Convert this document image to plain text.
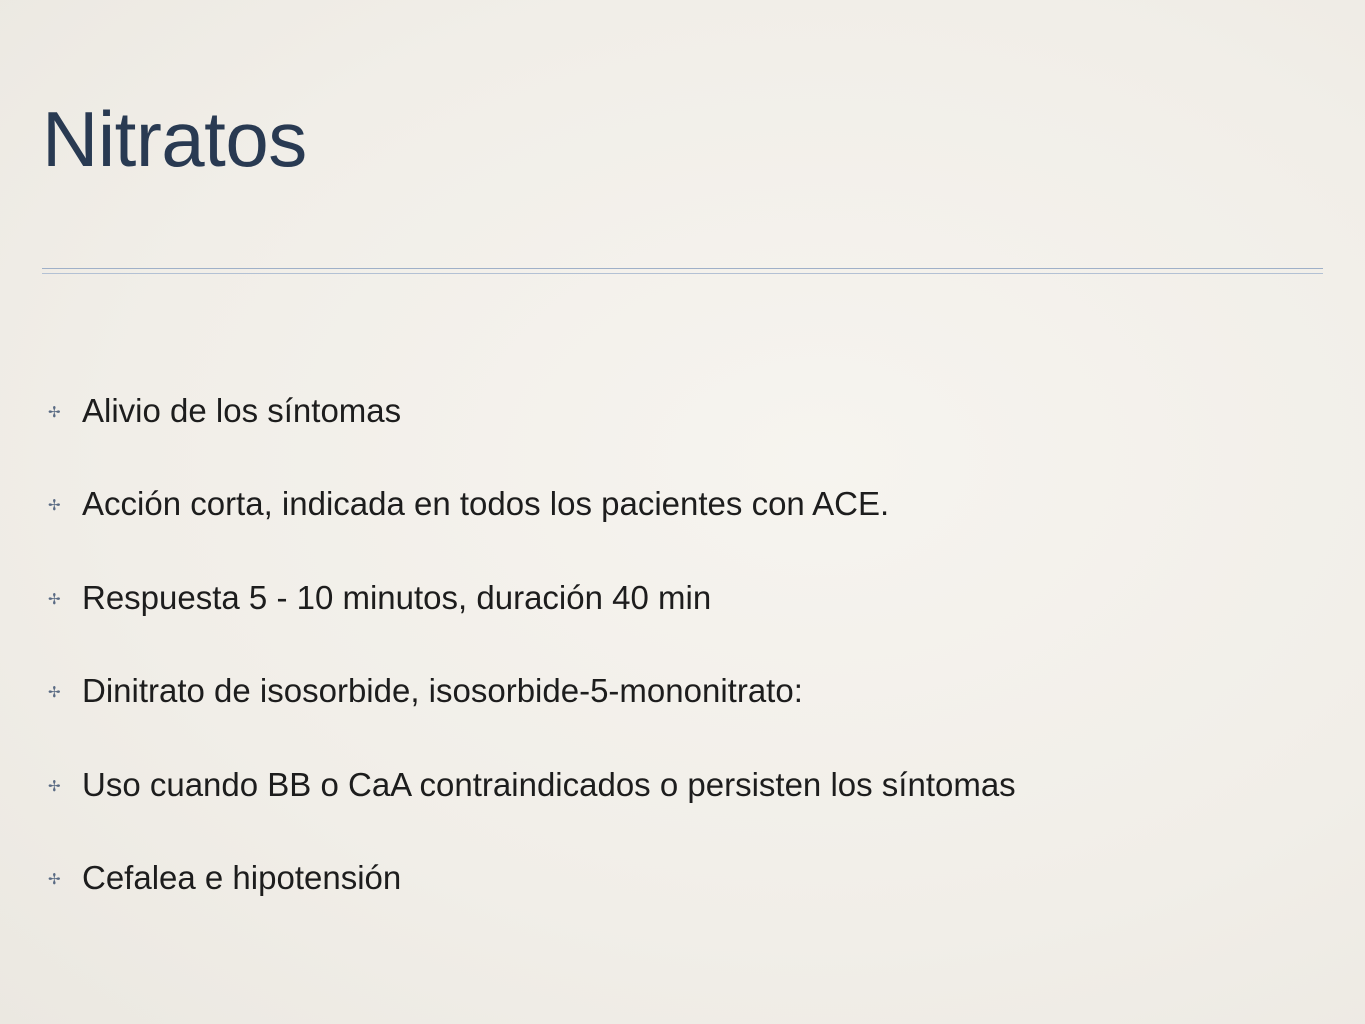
Nitratos
✢ Alivio de los síntomas
✢ Acción corta, indicada en todos los pacientes con ACE.
✢ Respuesta 5 - 10 minutos, duración 40 min
✢ Dinitrato de isosorbide, isosorbide-5-mononitrato:
✢ Uso cuando BB o CaA contraindicados o persisten los síntomas
✢ Cefalea e hipotensión
